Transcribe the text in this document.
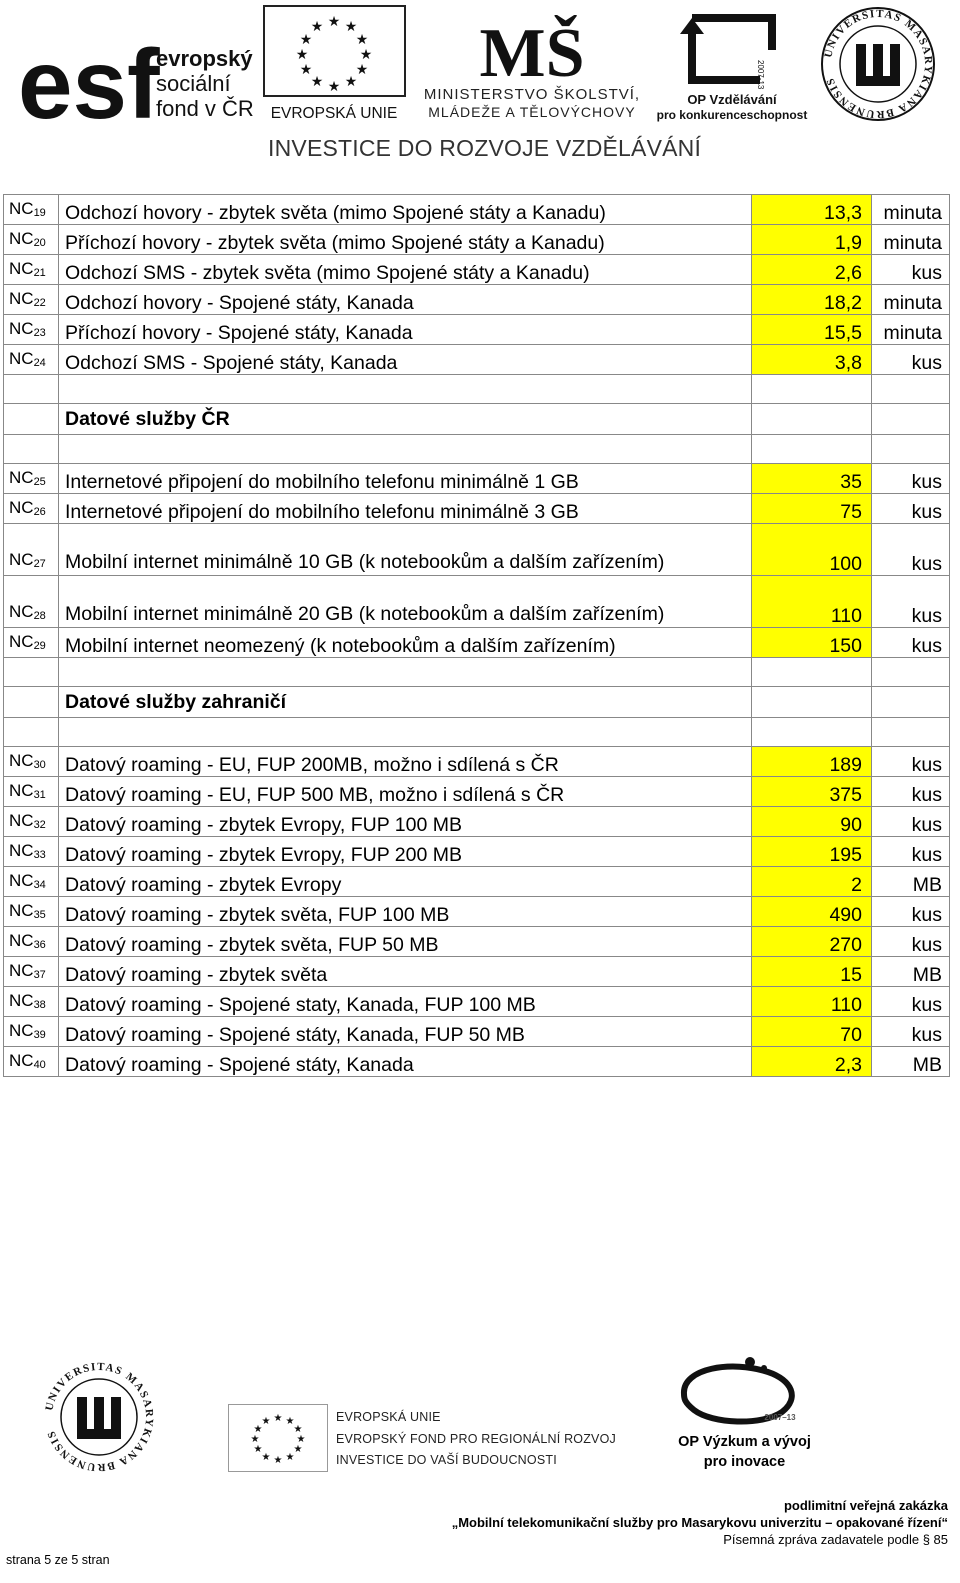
esf
evropský
sociální
fond v ČR
★ ★
★
★
★
★
★
★
★
★
★
★
EVROPSKÁ UNIE
MŠ
MINISTERSTVO ŠKOLSTVÍ,
MLÁDEŽE A TĚLOVÝCHOVY
2007-13
OP Vzdělávání
pro konkurenceschopnost
UNIVERSITAS MASARYKIANA BRUNENSIS
INVESTICE DO ROZVOJE VZDĚLÁVÁNÍ
$NC_{19}$	Odchozí hovory - zbytek světa (mimo Spojené státy a Kanadu)	13,3	minuta
$NC_{20}$	Příchozí hovory - zbytek světa (mimo Spojené státy a Kanadu)	1,9	minuta
$NC_{21}$	Odchozí SMS - zbytek světa (mimo Spojené státy a Kanadu)	2,6	kus
$NC_{22}$	Odchozí hovory - Spojené státy, Kanada	18,2	minuta
$NC_{23}$	Příchozí hovory - Spojené státy, Kanada	15,5	minuta
$NC_{24}$	Odchozí SMS - Spojené státy, Kanada	3,8	kus

	Datové služby ČR		

$NC_{25}$	Internetové připojení do mobilního telefonu minimálně 1 GB	35	kus
$NC_{26}$	Internetové připojení do mobilního telefonu minimálně 3 GB	75	kus
$NC_{27}$	Mobilní internet minimálně 10 GB (k notebookům a dalším zařízením)	100	kus
$NC_{28}$	Mobilní internet minimálně 20 GB (k notebookům a dalším zařízením)	110	kus
$NC_{29}$	Mobilní internet neomezený (k notebookům a dalším zařízením)	150	kus

	Datové služby zahraničí		

$NC_{30}$	Datový roaming - EU, FUP 200MB, možno i sdílená s ČR	189	kus
$NC_{31}$	Datový roaming - EU, FUP 500 MB, možno i sdílená s ČR	375	kus
$NC_{32}$	Datový roaming - zbytek Evropy, FUP 100 MB	90	kus
$NC_{33}$	Datový roaming - zbytek Evropy, FUP 200 MB	195	kus
$NC_{34}$	Datový roaming - zbytek Evropy	2	MB
$NC_{35}$	Datový roaming - zbytek světa, FUP 100 MB	490	kus
$NC_{36}$	Datový roaming - zbytek světa, FUP 50 MB	270	kus
$NC_{37}$	Datový roaming - zbytek světa	15	MB
$NC_{38}$	Datový roaming - Spojené staty, Kanada, FUP 100 MB	110	kus
$NC_{39}$	Datový roaming - Spojené státy, Kanada, FUP 50 MB	70	kus
$NC_{40}$	Datový roaming - Spojené státy, Kanada	2,3	MB
UNIVERSITAS MASARYKIANA BRUNENSIS
★ ★
★
★
★
★
★
★
★
★
★
★	EVROPSKÁ UNIE
EVROPSKÝ FOND PRO REGIONÁLNÍ ROZVOJ
INVESTICE DO VAŠÍ BUDOUCNOSTI
2007–13
OP Výzkum a vývoj
pro inovace
podlimitní veřejná zakázka
„Mobilní telekomunikační služby pro Masarykovu univerzitu – opakované řízení“
Písemná zpráva zadavatele podle § 85
strana 5 ze 5 stran
